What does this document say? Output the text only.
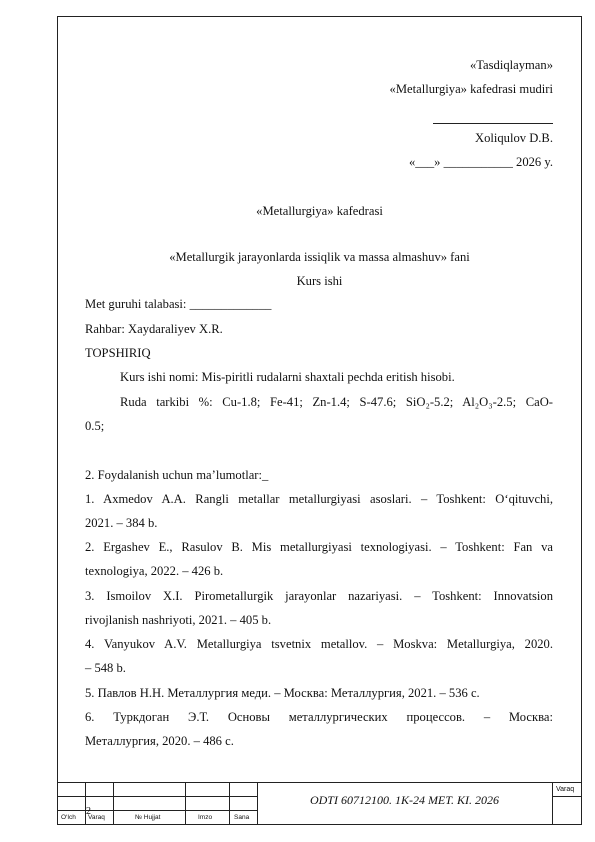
«Tasdiqlayman»
«Metallurgiya» kafedrasi mudiri
Xoliqulov D.B.
«___» ___________ 2026 y.
«Metallurgiya» kafedrasi
«Metallurgik jarayonlarda issiqlik va massa almashuv» fani
Kurs ishi
Met guruhi talabasi: _____________
Rahbar: Xaydaraliyev X.R.
TOPSHIRIQ
Kurs ishi nomi: Mis-piritli rudalarni shaxtali pechda eritish hisobi.
Ruda tarkibi %: Cu-1.8; Fe-41; Zn-1.4; S-47.6; SiO₂-5.2; Al₂O₃-2.5; CaO-
0.5;
2. Foydalanish uchun ma’lumotlar:_
1. Axmedov A.A. Rangli metallar metallurgiyasi asoslari. – Toshkent: O‘qituvchi,
2021. – 384 b.
2. Ergashev E., Rasulov B. Mis metallurgiyasi texnologiyasi. – Toshkent: Fan va
texnologiya, 2022. – 426 b.
3. Ismoilov X.I. Pirometallurgik jarayonlar nazariyasi. – Toshkent: Innovatsion
rivojlanish nashriyoti, 2021. – 405 b.
4. Vanyukov A.V. Metallurgiya tsvetnix metallov. – Moskva: Metallurgiya, 2020.
– 548 b.
5. Павлов Н.Н. Металлургия меди. – Москва: Металлургия, 2021. – 536 с.
6. Туркдоган Э.Т. Основы металлургических процессов. – Москва:
Металлургия, 2020. – 486 с.
2
ODTI 60712100. 1K-24 MET. KI. 2026
Varaq
O‘lch Varaq	№ Hujjat	Imzo	Sana
